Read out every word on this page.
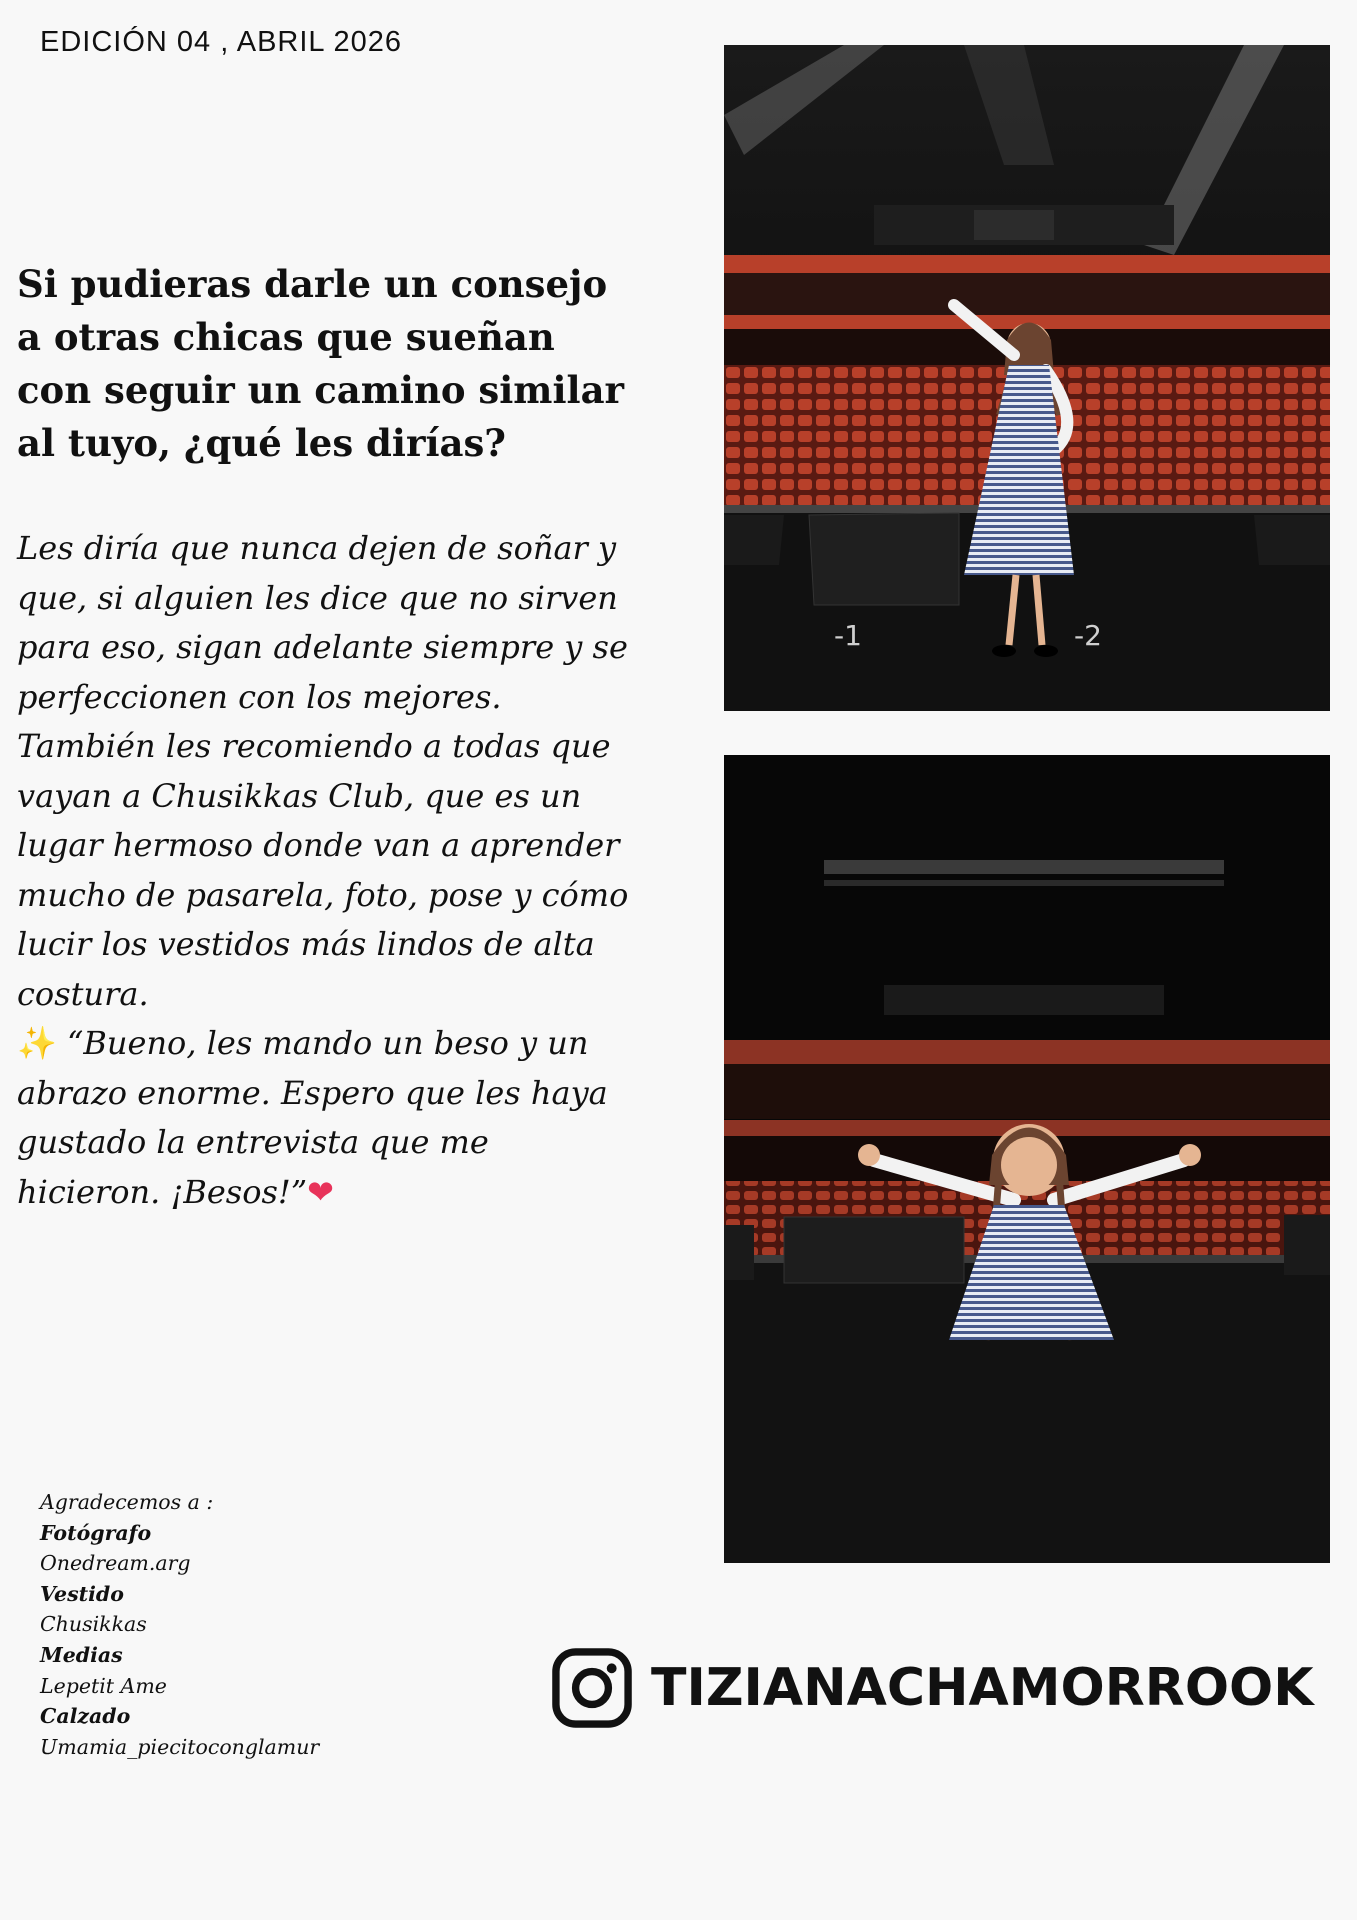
EDICIÓN 04 , ABRIL 2026
Si pudieras darle un consejo a otras chicas que sueñan con seguir un camino similar al tuyo, ¿qué les dirías?

Les diría que nunca dejen de soñar y que, si alguien les dice que no sirven para eso, sigan adelante siempre y se perfeccionen con los mejores. También les recomiendo a todas que vayan a Chusikkas Club, que es un lugar hermoso donde van a aprender mucho de pasarela, foto, pose y cómo lucir los vestidos más lindos de alta costura.

✨ “Bueno, les mando un beso y un abrazo enorme. Espero que les haya gustado la entrevista que me hicieron. ¡Besos!”❤

Agradecemos a :
Fotógrafo
Onedream.arg
Vestido
Chusikkas
Medias
Lepetit Ame
Calzado
Umamia_piecitoconglamur
-1	-2
TIZIANACHAMORROOK
